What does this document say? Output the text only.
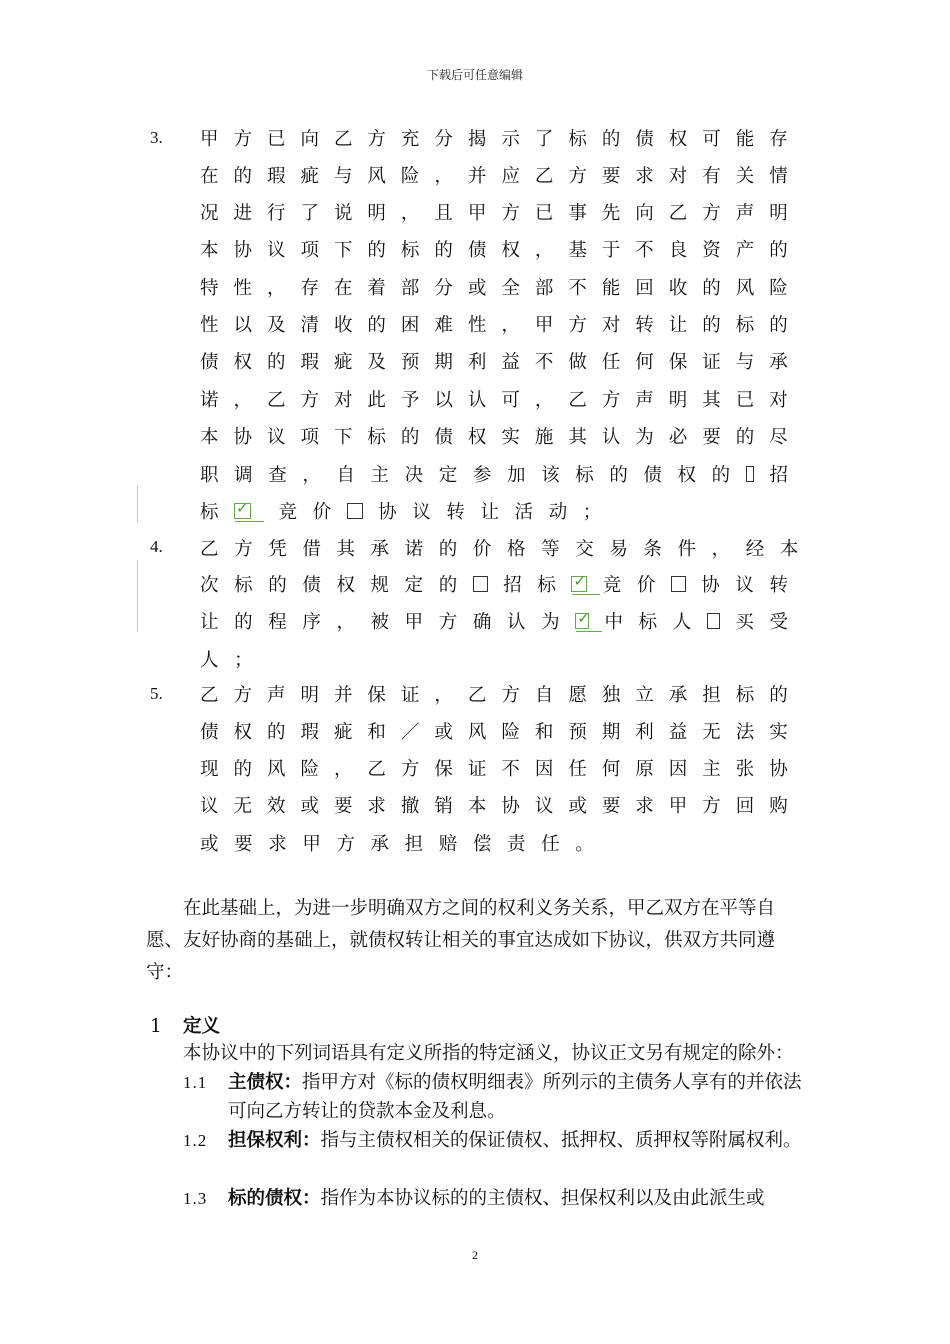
下载后可任意编辑
3. 甲 方 已 向 乙 方 充 分 揭 示 了 标 的 债 权 可 能 存
在 的 瑕 疵 与 风 险 ， 并 应 乙 方 要 求 对 有 关 情
况 进 行 了 说 明 ， 且 甲 方 已 事 先 向 乙 方 声 明
本 协 议 项 下 的 标 的 债 权 ， 基 于 不 良 资 产 的
特 性 ， 存 在 着 部 分 或 全 部 不 能 回 收 的 风 险
性 以 及 清 收 的 困 难 性 ， 甲 方 对 转 让 的 标 的
债 权 的 瑕 疵 及 预 期 利 益 不 做 任 何 保 证 与 承
诺 ， 乙 方 对 此 予 以 认 可 ， 乙 方 声 明 其 已 对
本 协 议 项 下 标 的 债 权 实 施 其 认 为 必 要 的 尽
职 调 查 ， 自 主 决 定 参 加 该 标 的 债 权 的 招
标 ✓	竞 价	协 议 转 让 活 动 ；
4. 乙 方 凭 借 其 承 诺 的 价 格 等 交 易 条 件 ， 经 本
次 标 的 债 权 规 定 的 招 标 ✓	竞 价 协 议 转
让 的 程 序 ， 被 甲 方 确 认 为 ✓ 中 标 人 买 受
人 ；
5. 乙 方 声 明 并 保 证 ， 乙 方 自 愿 独 立 承 担 标 的
债 权 的 瑕 疵 和 ／ 或 风 险 和 预 期 利 益 无 法 实
现 的 风 险 ， 乙 方 保 证 不 因 任 何 原 因 主 张 协
议 无 效 或 要 求 撤 销 本 协 议 或 要 求 甲 方 回 购
或 要 求 甲 方 承 担 赔 偿 责 任 。

在此基础上，为进一步明确双方之间的权利义务关系，甲乙双方在平等自愿、友好协商的基础上，就债权转让相关的事宜达成如下协议，供双方共同遵守：

1 定义
本协议中的下列词语具有定义所指的特定涵义，协议正文另有规定的除外：
1.1 主债权：指甲方对《标的债权明细表》所列示的主债务人享有的并依法可向乙方转让的贷款本金及利息。
1.2 担保权利：指与主债权相关的保证债权、抵押权、质押权等附属权利。
1.3 标的债权：指作为本协议标的的主债权、担保权利以及由此派生或
2
